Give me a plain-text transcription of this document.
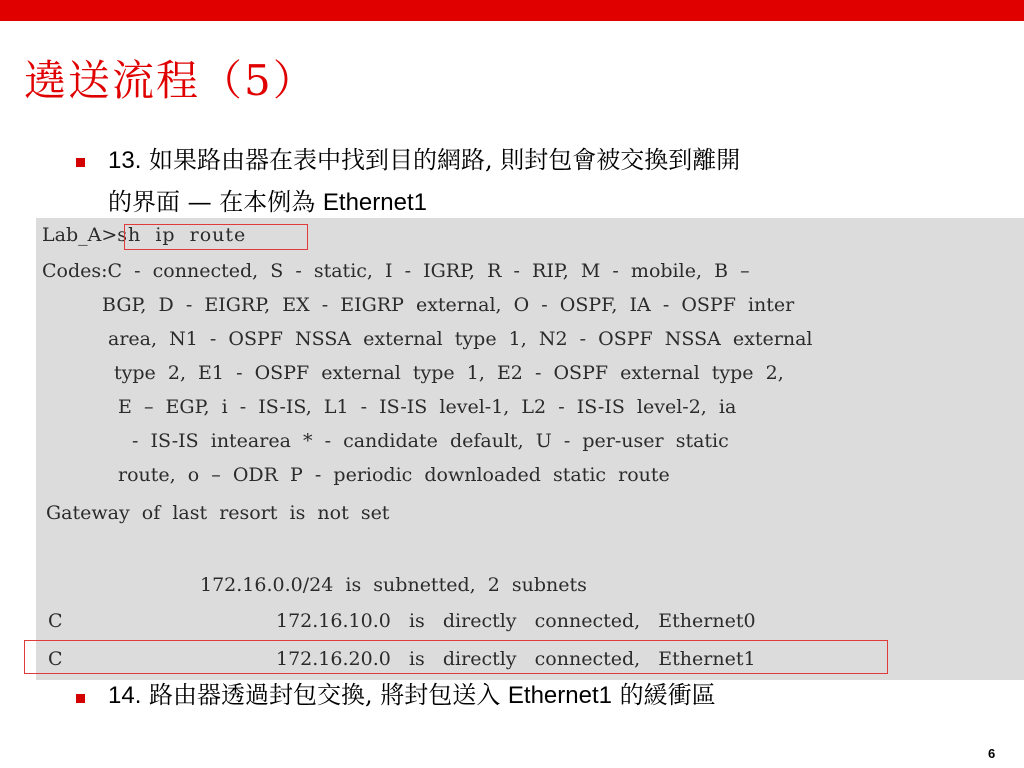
遶送流程（5）
13. 如果路由器在表中找到目的網路, 則封包會被交換到離開
的界面 — 在本例為 Ethernet1
Lab_A>sh  ip  route
Codes:C  -  connected,  S  -  static,  I  -  IGRP,  R  -  RIP,  M  -  mobile,  B  –
BGP,  D  -  EIGRP,  EX  -  EIGRP  external,  O  -  OSPF,  IA  -  OSPF  inter
area,  N1  -  OSPF  NSSA  external  type  1,  N2  -  OSPF  NSSA  external
type  2,  E1  -  OSPF  external  type  1,  E2  -  OSPF  external  type  2,
E  –  EGP,  i  -  IS-IS,  L1  -  IS-IS  level-1,  L2  -  IS-IS  level-2,  ia
-  IS-IS  intearea  *  -  candidate  default,  U  -  per-user  static
route,  o  –  ODR  P  -  periodic  downloaded  static  route
Gateway  of  last  resort  is  not  set
172.16.0.0/24  is  subnetted,  2  subnets
C	172.16.10.0   is   directly   connected,   Ethernet0
C	172.16.20.0   is   directly   connected,   Ethernet1
14. 路由器透過封包交換, 將封包送入 Ethernet1 的緩衝區
6
